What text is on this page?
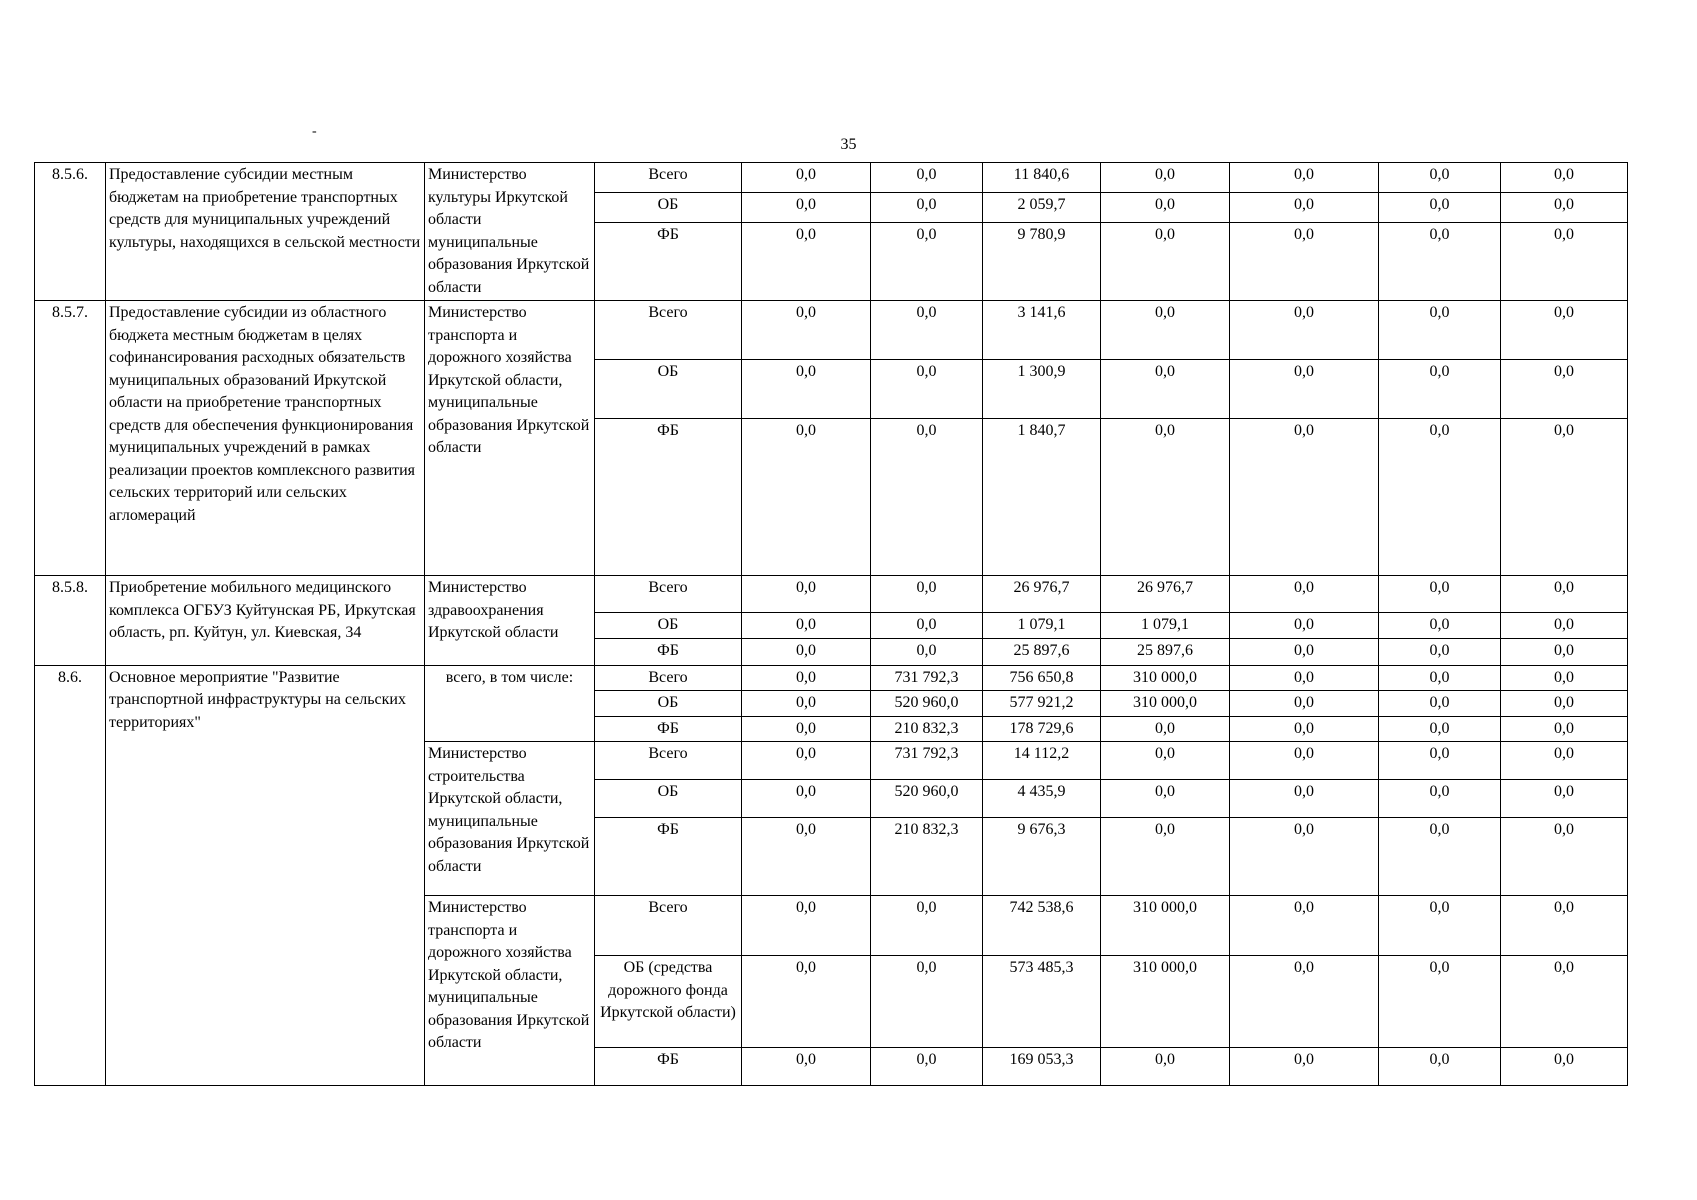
-
35
8.5.6.	Предоставление субсидии местным бюджетам на приобретение транспортных средств для муниципальных учреждений культуры, находящихся в сельской местности	Министерство культуры Иркутской области муниципальные образования Иркутской области	Всего	0,0	0,0	11 840,6	0,0	0,0	0,0	0,0
			ОБ	0,0	0,0	2 059,7	0,0	0,0	0,0	0,0
			ФБ	0,0	0,0	9 780,9	0,0	0,0	0,0	0,0
8.5.7.	Предоставление субсидии из областного бюджета местным бюджетам в целях софинансирования расходных обязательств муниципальных образований Иркутской области на приобретение транспортных средств для обеспечения функционирования муниципальных учреждений в рамках реализации проектов комплексного развития сельских территорий или сельских агломераций	Министерство транспорта и дорожного хозяйства Иркутской области, муниципальные образования Иркутской области	Всего	0,0	0,0	3 141,6	0,0	0,0	0,0	0,0
			ОБ	0,0	0,0	1 300,9	0,0	0,0	0,0	0,0
			ФБ	0,0	0,0	1 840,7	0,0	0,0	0,0	0,0
8.5.8.	Приобретение мобильного медицинского комплекса ОГБУЗ Куйтунская РБ, Иркутская область, рп. Куйтун, ул. Киевская, 34	Министерство здравоохранения Иркутской области	Всего	0,0	0,0	26 976,7	26 976,7	0,0	0,0	0,0
			ОБ	0,0	0,0	1 079,1	1 079,1	0,0	0,0	0,0
			ФБ	0,0	0,0	25 897,6	25 897,6	0,0	0,0	0,0
8.6.	Основное мероприятие "Развитие транспортной инфраструктуры на сельских территориях"	всего, в том числе:	Всего	0,0	731 792,3	756 650,8	310 000,0	0,0	0,0	0,0
			ОБ	0,0	520 960,0	577 921,2	310 000,0	0,0	0,0	0,0
			ФБ	0,0	210 832,3	178 729,6	0,0	0,0	0,0	0,0
		Министерство строительства Иркутской области, муниципальные образования Иркутской области	Всего	0,0	731 792,3	14 112,2	0,0	0,0	0,0	0,0
			ОБ	0,0	520 960,0	4 435,9	0,0	0,0	0,0	0,0
			ФБ	0,0	210 832,3	9 676,3	0,0	0,0	0,0	0,0
		Министерство транспорта и дорожного хозяйства Иркутской области, муниципальные образования Иркутской области	Всего	0,0	0,0	742 538,6	310 000,0	0,0	0,0	0,0
			ОБ (средства дорожного фонда Иркутской области)	0,0	0,0	573 485,3	310 000,0	0,0	0,0	0,0
			ФБ	0,0	0,0	169 053,3	0,0	0,0	0,0	0,0
